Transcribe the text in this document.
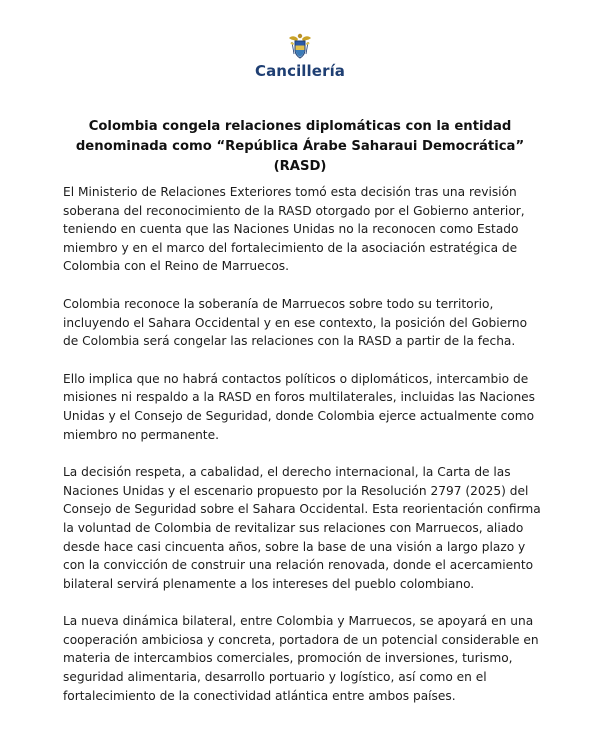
Cancillería
Colombia congela relaciones diplomáticas con la entidad
denominada como “República Árabe Saharaui Democrática”
(RASD)

El Ministerio de Relaciones Exteriores tomó esta decisión tras una revisión soberana del reconocimiento de la RASD otorgado por el Gobierno anterior, teniendo en cuenta que las Naciones Unidas no la reconocen como Estado miembro y en el marco del fortalecimiento de la asociación estratégica de Colombia con el Reino de Marruecos.

Colombia reconoce la soberanía de Marruecos sobre todo su territorio, incluyendo el Sahara Occidental y en ese contexto, la posición del Gobierno de Colombia será congelar las relaciones con la RASD a partir de la fecha.

Ello implica que no habrá contactos políticos o diplomáticos, intercambio de misiones ni respaldo a la RASD en foros multilaterales, incluidas las Naciones Unidas y el Consejo de Seguridad, donde Colombia ejerce actualmente como miembro no permanente.

La decisión respeta, a cabalidad, el derecho internacional, la Carta de las Naciones Unidas y el escenario propuesto por la Resolución 2797 (2025) del Consejo de Seguridad sobre el Sahara Occidental. Esta reorientación confirma la voluntad de Colombia de revitalizar sus relaciones con Marruecos, aliado desde hace casi cincuenta años, sobre la base de una visión a largo plazo y con la convicción de construir una relación renovada, donde el acercamiento bilateral servirá plenamente a los intereses del pueblo colombiano.

La nueva dinámica bilateral, entre Colombia y Marruecos, se apoyará en una cooperación ambiciosa y concreta, portadora de un potencial considerable en materia de intercambios comerciales, promoción de inversiones, turismo, seguridad alimentaria, desarrollo portuario y logístico, así como en el fortalecimiento de la conectividad atlántica entre ambos países.
